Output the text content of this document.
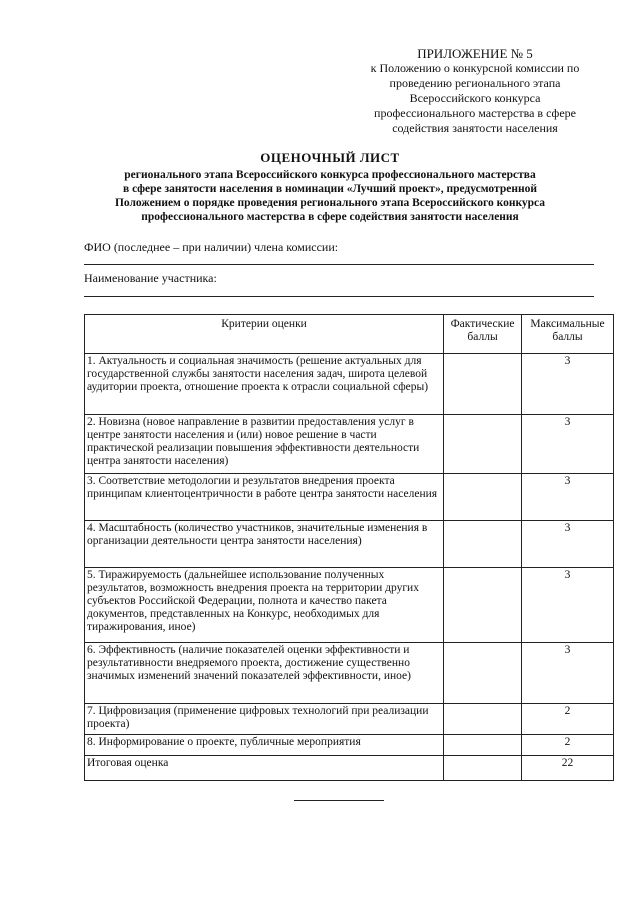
ПРИЛОЖЕНИЕ № 5
к Положению о конкурсной комиссии по
проведению регионального этапа
Всероссийского конкурса
профессионального мастерства в сфере
содействия занятости населения
ОЦЕНОЧНЫЙ ЛИСТ
регионального этапа Всероссийского конкурса профессионального мастерства
в сфере занятости населения в номинации «Лучший проект», предусмотренной
Положением о порядке проведения регионального этапа Всероссийского конкурса
профессионального мастерства в сфере содействия занятости населения
ФИО (последнее – при наличии) члена комиссии:
Наименование участника:
Критерии оценки	Фактические баллы	Максимальные баллы
1. Актуальность и социальная значимость (решение актуальных для государственной службы занятости населения задач, широта целевой аудитории проекта, отношение проекта к отрасли социальной сферы)		3
2. Новизна (новое направление в развитии предоставления услуг в центре занятости населения и (или) новое решение в части практической реализации повышения эффективности деятельности центра занятости населения)		3
3. Соответствие методологии и результатов внедрения проекта принципам клиентоцентричности в работе центра занятости населения		3
4. Масштабность (количество участников, значительные изменения в организации деятельности центра занятости населения)		3
5. Тиражируемость (дальнейшее использование полученных результатов, возможность внедрения проекта на территории других субъектов Российской Федерации, полнота и качество пакета документов, представленных на Конкурс, необходимых для тиражирования, иное)		3
6. Эффективность (наличие показателей оценки эффективности и результативности внедряемого проекта, достижение существенно значимых изменений значений показателей эффективности, иное)		3
7. Цифровизация (применение цифровых технологий при реализации проекта)		2
8. Информирование о проекте, публичные мероприятия		2
Итоговая оценка		22
